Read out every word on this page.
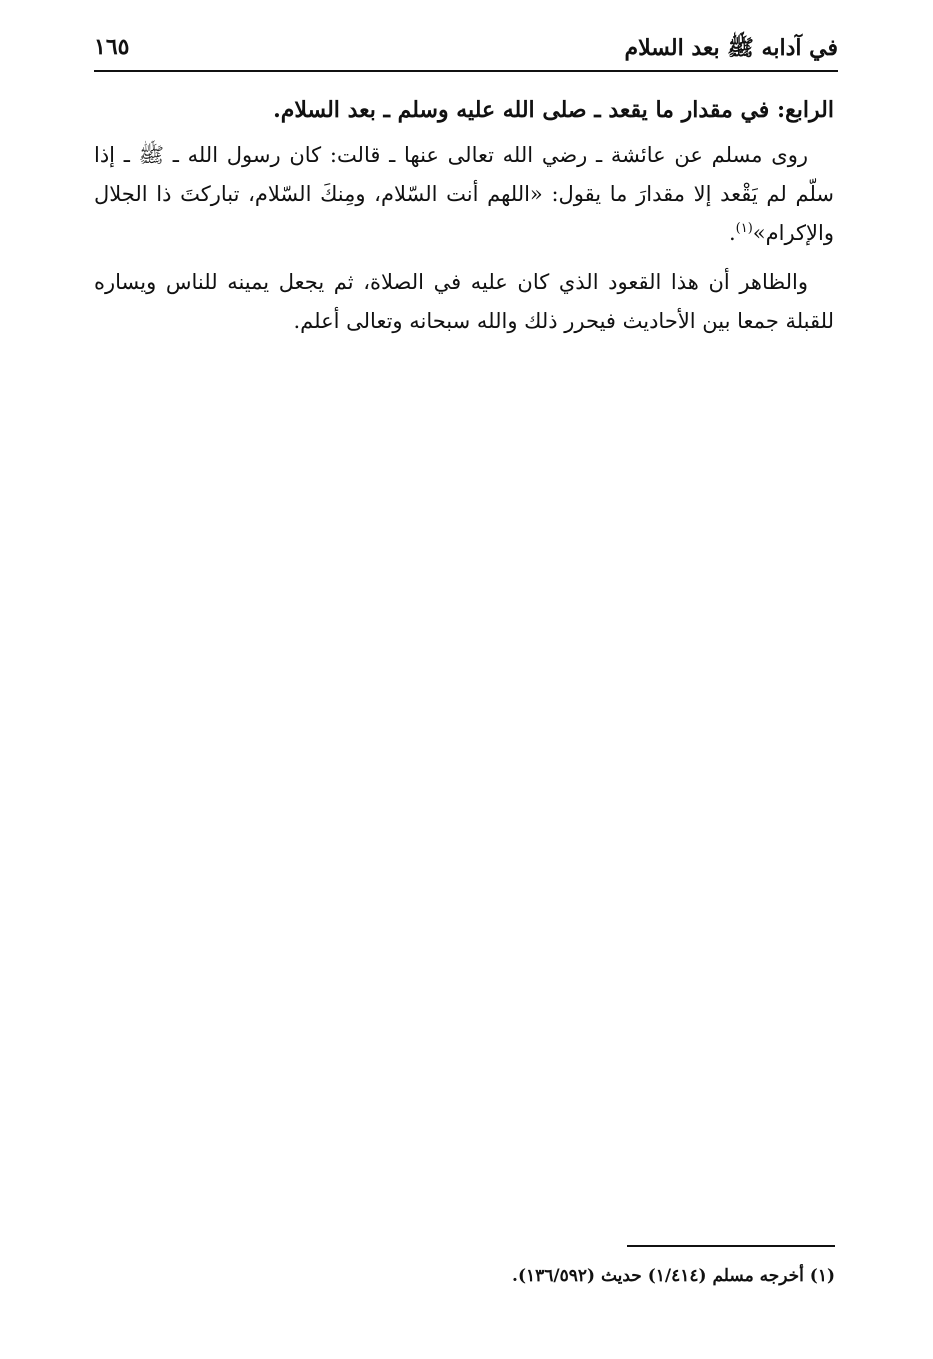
في آدابه ﷺ بعد السلام
١٦٥

الرابع: في مقدار ما يقعد ـ صلى الله عليه وسلم ـ بعد السلام.

روى مسلم عن عائشة ـ رضي الله تعالى عنها ـ قالت: كان رسول الله ـ ﷺ ـ إذا سلّم لم يَقْعد إلا مقدارَ ما يقول: «اللهم أنت السّلام، ومِنكَ السّلام، تباركتَ ذا الجلال والإكرام»$^{(١)}$.

والظاهر أن هذا القعود الذي كان عليه في الصلاة، ثم يجعل يمينه للناس ويساره للقبلة جمعا بين الأحاديث فيحرر ذلك والله سبحانه وتعالى أعلم.

(١) أخرجه مسلم (١/٤١٤) حديث (١٣٦/٥٩٢).
